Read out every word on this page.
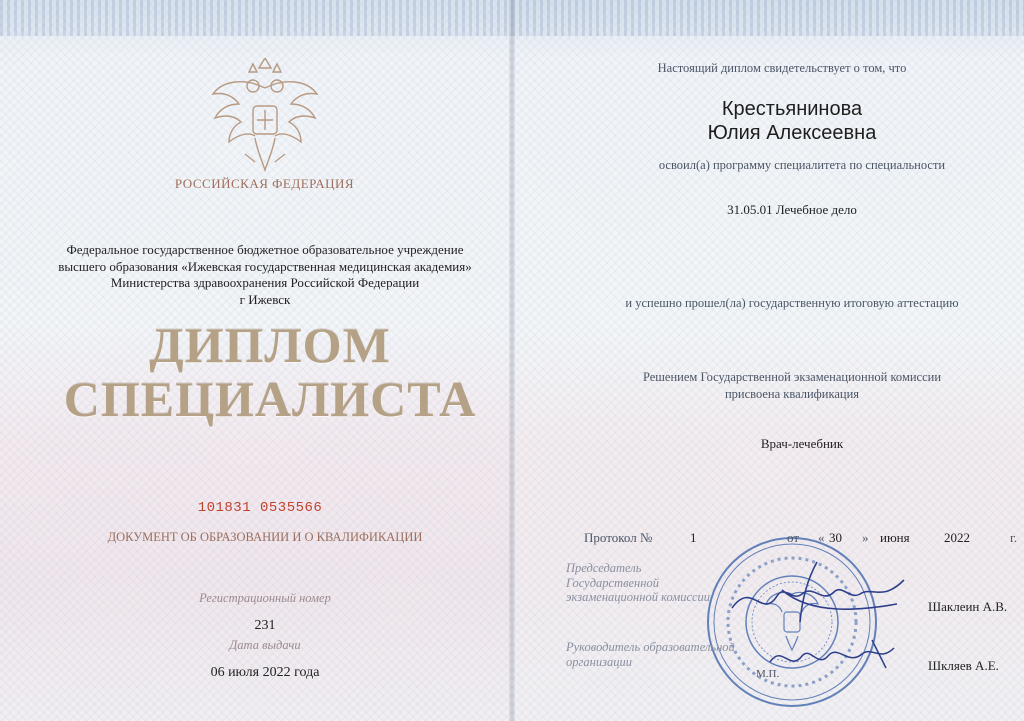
РОССИЙСКАЯ ФЕДЕРАЦИЯ
Федеральное государственное бюджетное образовательное учреждение
высшего образования «Ижевская государственная медицинская академия»
Министерства здравоохранения Российской Федерации
г Ижевск
ДИПЛОМ
СПЕЦИАЛИСТА
101831 0535566
ДОКУМЕНТ ОБ ОБРАЗОВАНИИ И О КВАЛИФИКАЦИИ
Регистрационный номер
231
Дата выдачи
06 июля 2022 года
Настоящий диплом свидетельствует о том, что
Крестьянинова
Юлия Алексеевна
освоил(а) программу специалитета по специальности
31.05.01 Лечебное дело
и успешно прошел(ла) государственную итоговую аттестацию
Решением Государственной экзаменационной комиссии
присвоена квалификация
Врач-лечебник
Протокол №	1	от « 30 » июня	2022	г.
Председатель
Государственной
экзаменационной комиссии
Шаклеин А.В.
Руководитель образовательной
организации	Шкляев А.Е.
М.П.
